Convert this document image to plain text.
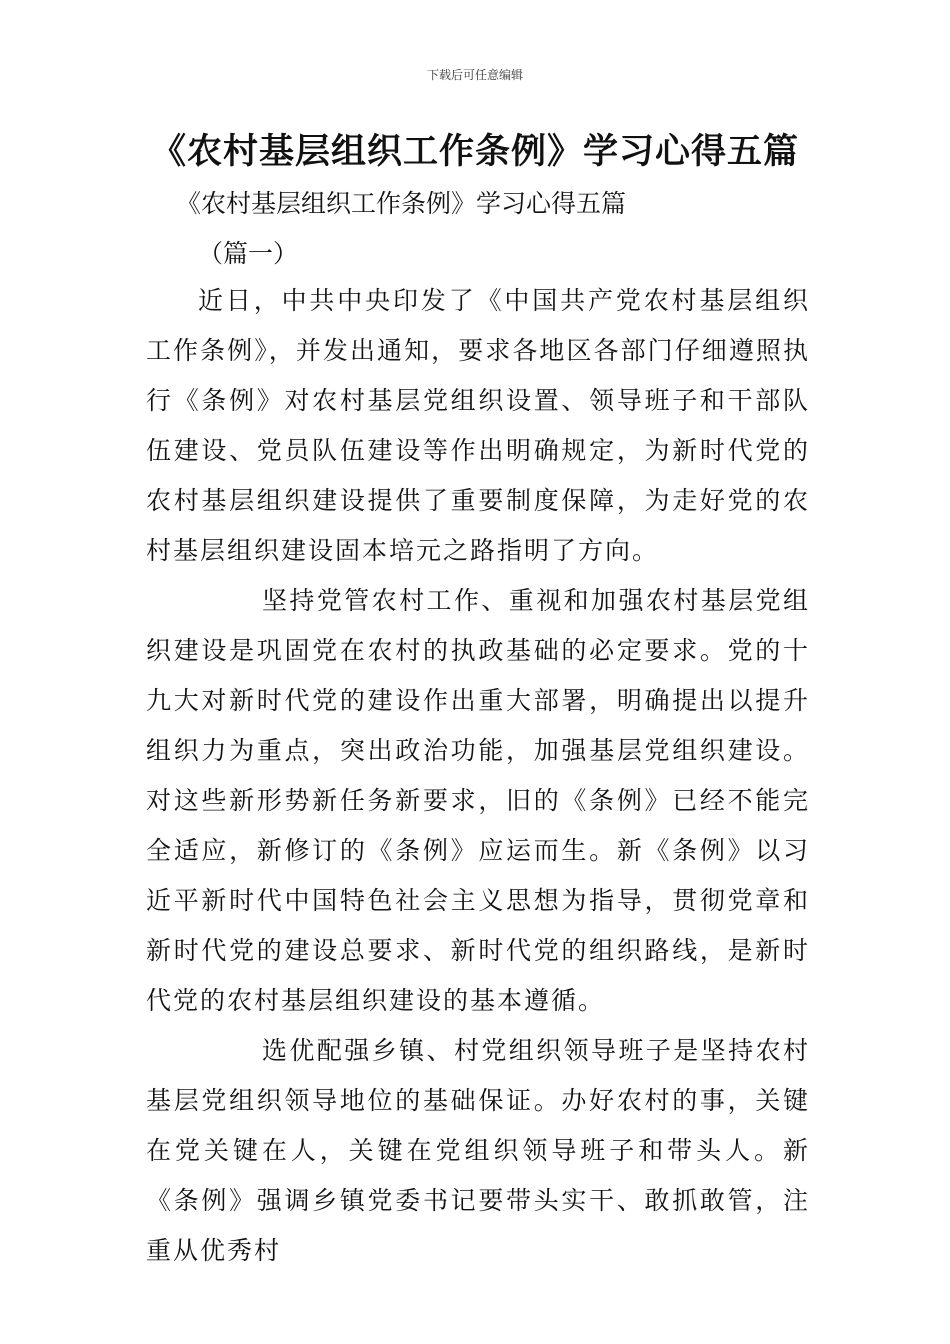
下载后可任意编辑
《农村基层组织工作条例》学习心得五篇

《农村基层组织工作条例》学习心得五篇

（篇一）

近日，中共中央印发了《中国共产党农村基层组织工作条例》，并发出通知，要求各地区各部门仔细遵照执行《条例》对农村基层党组织设置、领导班子和干部队伍建设、党员队伍建设等作出明确规定，为新时代党的农村基层组织建设提供了重要制度保障，为走好党的农村基层组织建设固本培元之路指明了方向。

坚持党管农村工作、重视和加强农村基层党组织建设是巩固党在农村的执政基础的必定要求。党的十九大对新时代党的建设作出重大部署，明确提出以提升组织力为重点，突出政治功能，加强基层党组织建设。对这些新形势新任务新要求，旧的《条例》已经不能完全适应，新修订的《条例》应运而生。新《条例》以习近平新时代中国特色社会主义思想为指导，贯彻党章和新时代党的建设总要求、新时代党的组织路线，是新时代党的农村基层组织建设的基本遵循。

选优配强乡镇、村党组织领导班子是坚持农村基层党组织领导地位的基础保证。办好农村的事，关键在党关键在人，关键在党组织领导班子和带头人。新《条例》强调乡镇党委书记要带头实干、敢抓敢管，注重从优秀村
